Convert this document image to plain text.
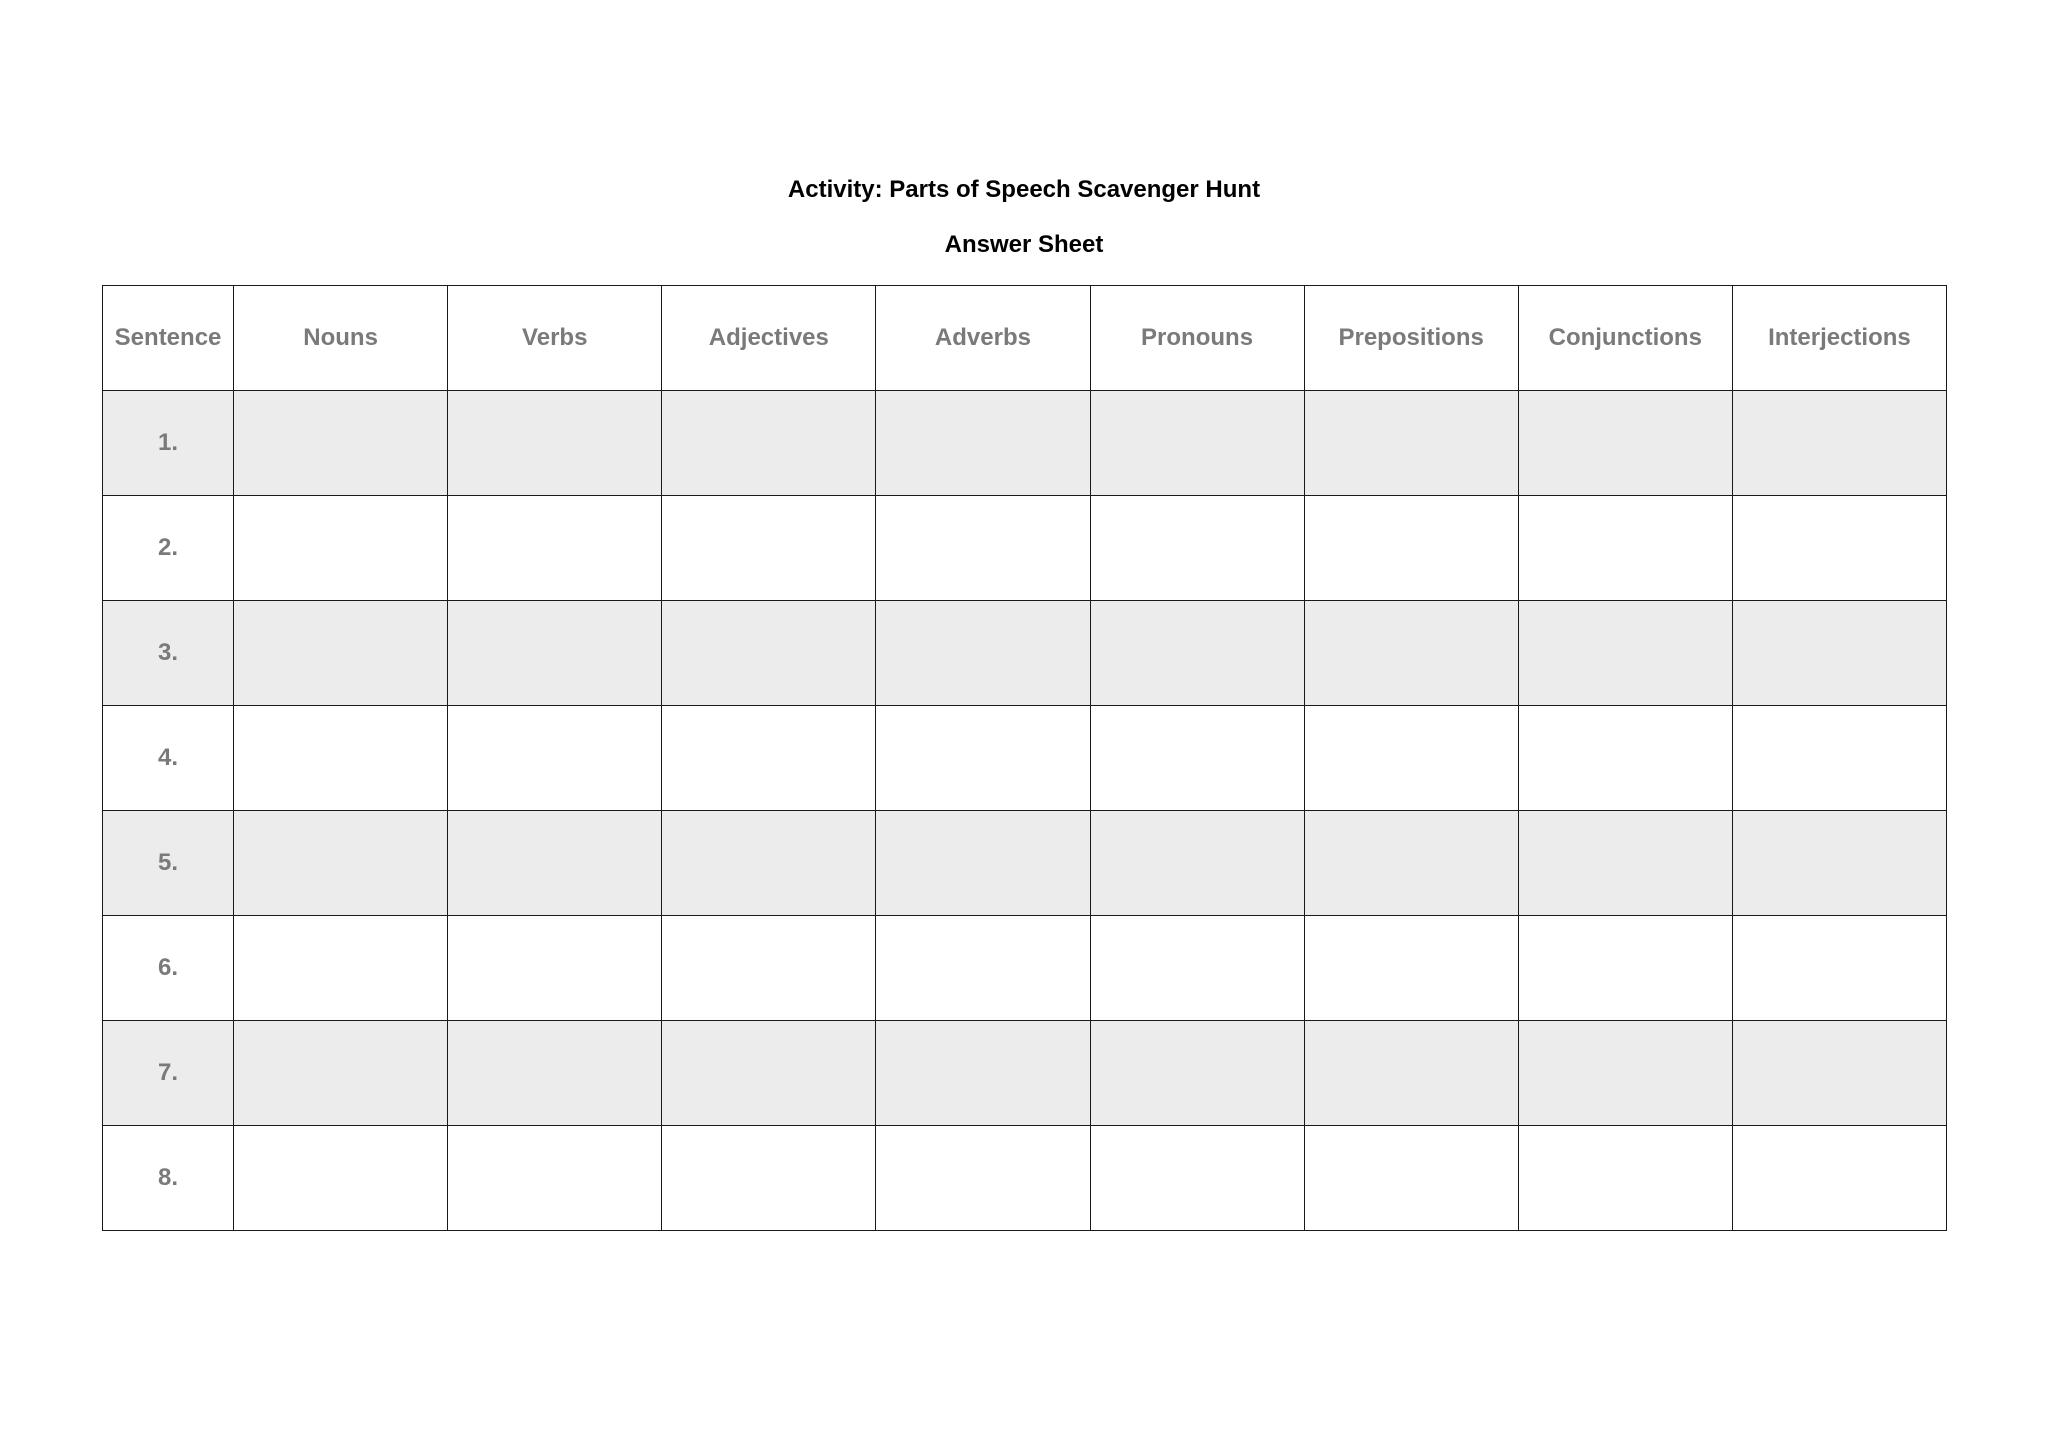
Activity: Parts of Speech Scavenger Hunt
Answer Sheet
Sentence	Nouns	Verbs	Adjectives	Adverbs	Pronouns	Prepositions	Conjunctions	Interjections
1.								
2.								
3.								
4.								
5.								
6.								
7.								
8.								
